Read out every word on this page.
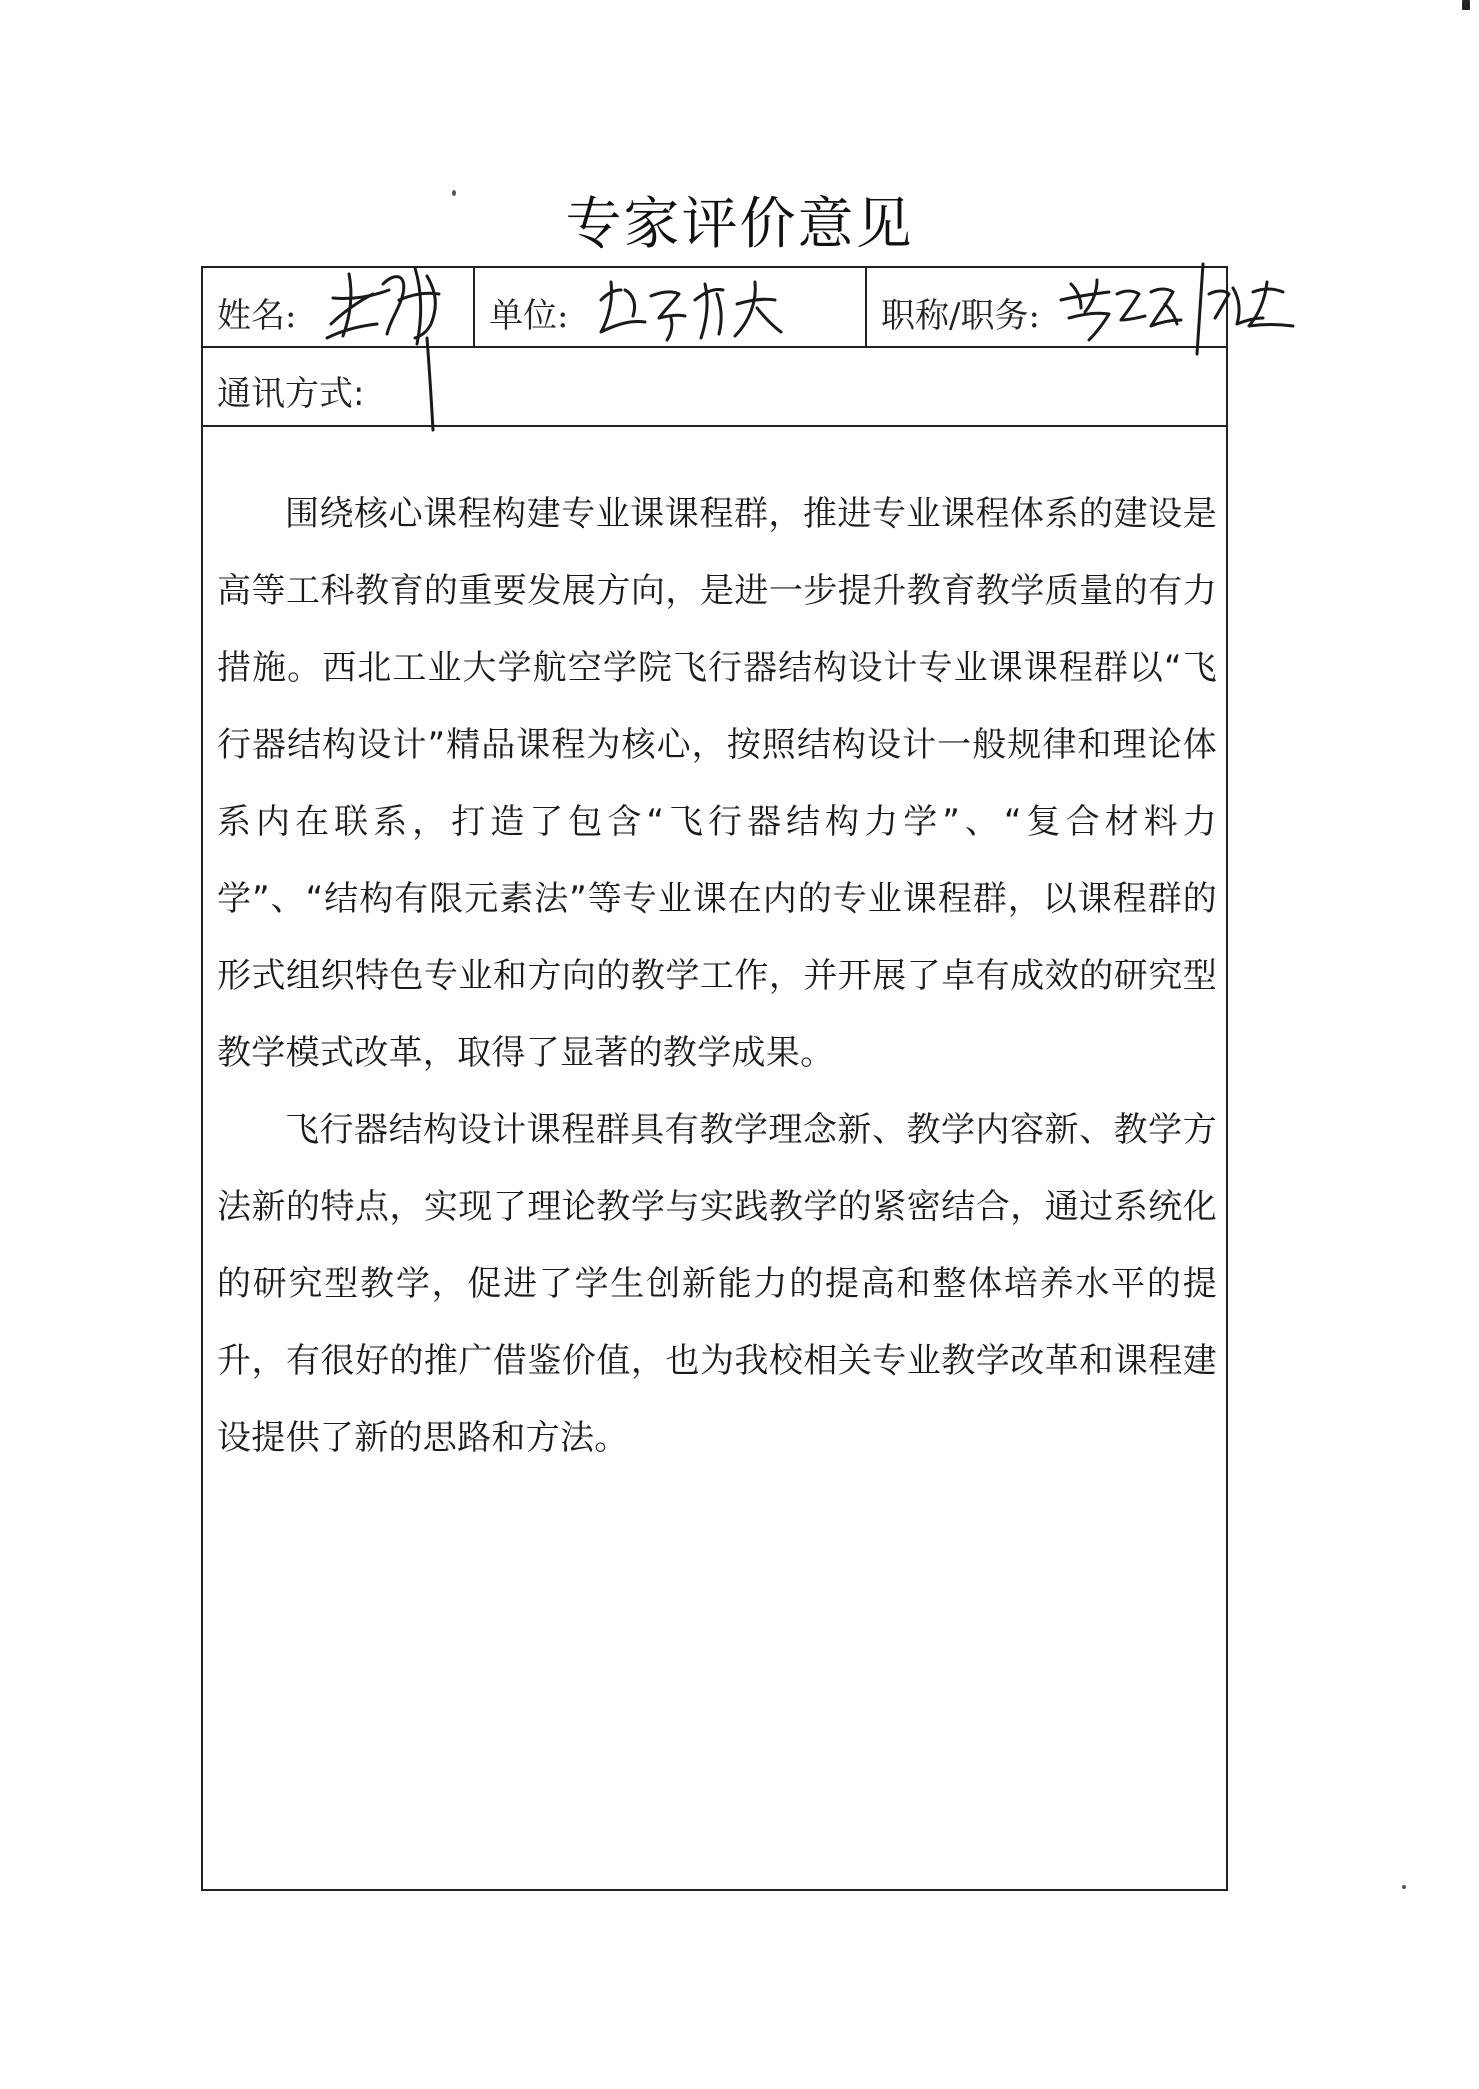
专家评价意见
姓名:	单位:	职称/职务:
通讯方式:

围绕核心课程构建专业课课程群，推进专业课程体系的建设是高等工科教育的重要发展方向，是进一步提升教育教学质量的有力措施。西北工业大学航空学院飞行器结构设计专业课课程群以“飞行器结构设计”精品课程为核心，按照结构设计一般规律和理论体系内在联系，打造了包含“飞行器结构力学”、“复合材料力学”、“结构有限元素法”等专业课在内的专业课程群，以课程群的形式组织特色专业和方向的教学工作，并开展了卓有成效的研究型教学模式改革，取得了显著的教学成果。

飞行器结构设计课程群具有教学理念新、教学内容新、教学方法新的特点，实现了理论教学与实践教学的紧密结合，通过系统化的研究型教学，促进了学生创新能力的提高和整体培养水平的提升，有很好的推广借鉴价值，也为我校相关专业教学改革和课程建设提供了新的思路和方法。
